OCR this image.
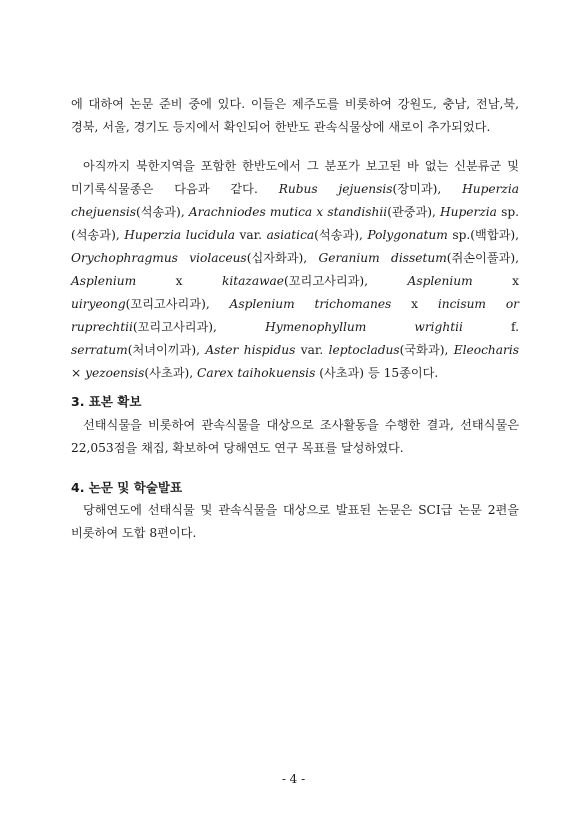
에 대하여 논문 준비 중에 있다. 이들은 제주도를 비롯하여 강원도, 충남, 전남,북, 경북, 서울, 경기도 등지에서 확인되어 한반도 관속식물상에 새로이 추가되었다.
아직까지 북한지역을 포함한 한반도에서 그 분포가 보고된 바 없는 신분류군 및 미기록식물종은 다음과 같다. Rubus jejuensis(장미과), Huperzia chejuensis(석송과), Arachniodes mutica x standishii(관중과), Huperzia sp. (석송과), Huperzia lucidula var. asiatica(석송과), Polygonatum sp.(백합과), Orychophragmus violaceus(십자화과), Geranium dissetum(쥐손이풀과), Asplenium x kitazawae(꼬리고사리과), Asplenium x uiryeong(꼬리고사리과), Asplenium trichomanes x incisum or ruprechtii(꼬리고사리과), Hymenophyllum wrightii f. serratum(처녀이끼과), Aster hispidus var. leptocladus(국화과), Eleocharis × yezoensis(사초과), Carex taihokuensis (사초과) 등 15종이다.
3. 표본 확보
선태식물을 비롯하여 관속식물을 대상으로 조사활동을 수행한 결과, 선태식물은 22,053점을 채집, 확보하여 당해연도 연구 목표를 달성하였다.
4. 논문 및 학술발표
당해연도에 선태식물 및 관속식물을 대상으로 발표된 논문은 SCI급 논문 2편을 비롯하여 도합 8편이다.
- 4 -
